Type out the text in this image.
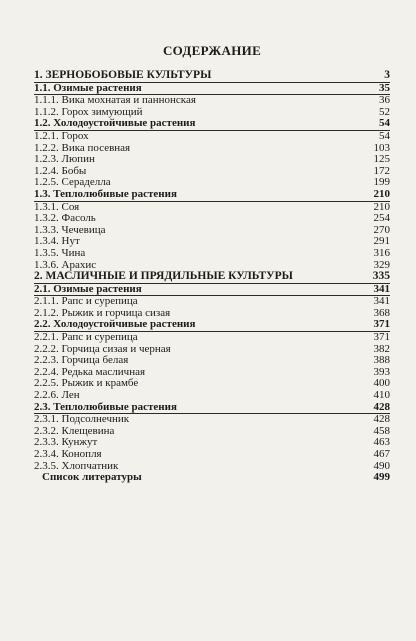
СОДЕРЖАНИЕ
1. ЗЕРНОБОБОВЫЕ КУЛЬТУРЫ	3
1.1. Озимые растения	35
1.1.1. Вика мохнатая и паннонская	36
1.1.2. Горох зимующий	52
1.2. Холодоустойчивые растения	54
1.2.1. Горох	54
1.2.2. Вика посевная	103
1.2.3. Люпин	125
1.2.4. Бобы	172
1.2.5. Сераделла	199
1.3. Теплолюбивые растения	210
1.3.1. Соя	210
1.3.2. Фасоль	254
1.3.3. Чечевица	270
1.3.4. Нут	291
1.3.5. Чина	316
1.3.6. Арахис	329
2. МАСЛИЧНЫЕ И ПРЯДИЛЬНЫЕ КУЛЬТУРЫ	335
2.1. Озимые растения	341
2.1.1. Рапс и сурепица	341
2.1.2. Рыжик и горчица сизая	368
2.2. Холодоустойчивые растения	371
2.2.1. Рапс и сурепица	371
2.2.2. Горчица сизая и черная	382
2.2.3. Горчица белая	388
2.2.4. Редька масличная	393
2.2.5. Рыжик и крамбе	400
2.2.6. Лен	410
2.3. Теплолюбивые растения	428
2.3.1. Подсолнечник	428
2.3.2. Клещевина	458
2.3.3. Кунжут	463
2.3.4. Конопля	467
2.3.5. Хлопчатник	490
Список литературы	499
